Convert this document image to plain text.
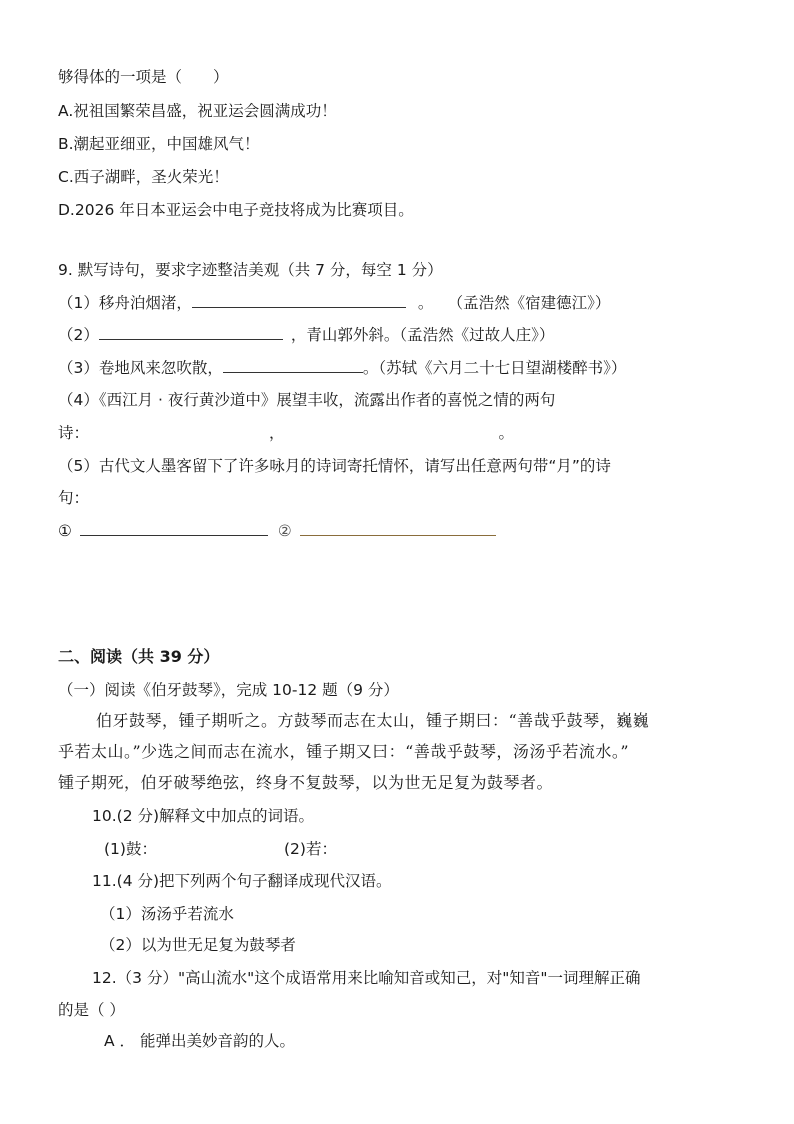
够得体的一项是（　　）
A.祝祖国繁荣昌盛，祝亚运会圆满成功！
B.潮起亚细亚，中国雄风气！
C.西子湖畔，圣火荣光！
D.2026 年日本亚运会中电子竞技将成为比赛项目。
9. 默写诗句，要求字迹整洁美观（共 7 分，每空 1 分）
（1）移舟泊烟渚，	。 （孟浩然《宿建德江》）
（2）	，青山郭外斜。（孟浩然《过故人庄》）
（3）卷地风来忽吹散，	。（苏轼《六月二十七日望湖楼醉书》）
（4）《西江月 · 夜行黄沙道中》展望丰收，流露出作者的喜悦之情的两句
诗：	，	。
（5）古代文人墨客留下了许多咏月的诗词寄托情怀，请写出任意两句带“月”的诗
句：
①	②
二、阅读（共 39 分）
（一）阅读《伯牙鼓琴》，完成 10-12 题（9 分）
伯牙鼓琴，锺子期听之。方鼓琴而志在太山，锺子期曰：“善哉乎鼓琴，巍巍
乎若太山。”少选之间而志在流水，锺子期又曰：“善哉乎鼓琴，汤汤乎若流水。”
锺子期死，伯牙破琴绝弦，终身不复鼓琴，以为世无足复为鼓琴者。
10.(2 分)解释文中加点的词语。
(1)鼓：	(2)若：
11.(4 分)把下列两个句子翻译成现代汉语。
（1）汤汤乎若流水
（2）以为世无足复为鼓琴者
12.（3 分）"高山流水"这个成语常用来比喻知音或知己，对"知音"一词理解正确
的是（ ）
A ． 能弹出美妙音韵的人。
